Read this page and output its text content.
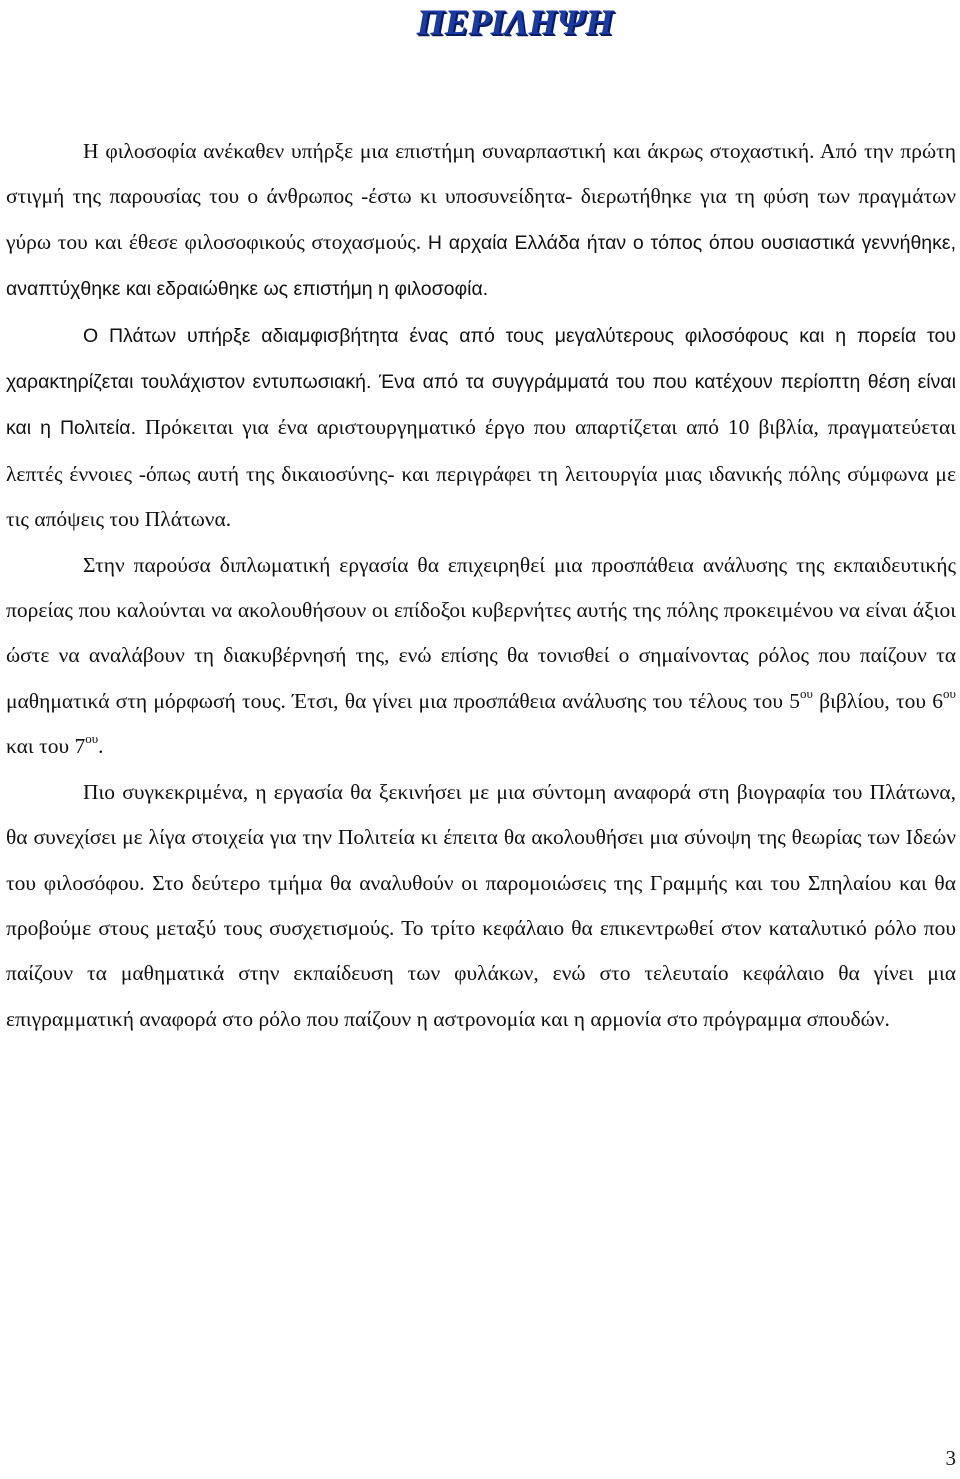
ΠΕΡΙΛΗΨΗ

Η φιλοσοφία ανέκαθεν υπήρξε μια επιστήμη συναρπαστική και άκρως στοχαστική. Από την πρώτη στιγμή της παρουσίας του ο άνθρωπος -έστω κι υποσυνείδητα- διερωτήθηκε για τη φύση των πραγμάτων γύρω του και έθεσε φιλοσοφικούς στοχασμούς. Η αρχαία Ελλάδα ήταν ο τόπος όπου ουσιαστικά γεννήθηκε, αναπτύχθηκε και εδραιώθηκε ως επιστήμη η φιλοσοφία.

Ο Πλάτων υπήρξε αδιαμφισβήτητα ένας από τους μεγαλύτερους φιλοσόφους και η πορεία του χαρακτηρίζεται τουλάχιστον εντυπωσιακή. Ένα από τα συγγράμματά του που κατέχουν περίοπτη θέση είναι και η Πολιτεία. Πρόκειται για ένα αριστουργηματικό έργο που απαρτίζεται από 10 βιβλία, πραγματεύεται λεπτές έννοιες -όπως αυτή της δικαιοσύνης- και περιγράφει τη λειτουργία μιας ιδανικής πόλης σύμφωνα με τις απόψεις του Πλάτωνα.

Στην παρούσα διπλωματική εργασία θα επιχειρηθεί μια προσπάθεια ανάλυσης της εκπαιδευτικής πορείας που καλούνται να ακολουθήσουν οι επίδοξοι κυβερνήτες αυτής της πόλης προκειμένου να είναι άξιοι ώστε να αναλάβουν τη διακυβέρνησή της, ενώ επίσης θα τονισθεί ο σημαίνοντας ρόλος που παίζουν τα μαθηματικά στη μόρφωσή τους. Έτσι, θα γίνει μια προσπάθεια ανάλυσης του τέλους του $5^{o\upsilon}$ βιβλίου, του $6^{o\upsilon}$ και του $7^{o\upsilon}$.

Πιο συγκεκριμένα, η εργασία θα ξεκινήσει με μια σύντομη αναφορά στη βιογραφία του Πλάτωνα, θα συνεχίσει με λίγα στοιχεία για την Πολιτεία κι έπειτα θα ακολουθήσει μια σύνοψη της θεωρίας των Ιδεών του φιλοσόφου. Στο δεύτερο τμήμα θα αναλυθούν οι παρομοιώσεις της Γραμμής και του Σπηλαίου και θα προβούμε στους μεταξύ τους συσχετισμούς. Το τρίτο κεφάλαιο θα επικεντρωθεί στον καταλυτικό ρόλο που παίζουν τα μαθηματικά στην εκπαίδευση των φυλάκων, ενώ στο τελευταίο κεφάλαιο θα γίνει μια επιγραμματική αναφορά στο ρόλο που παίζουν η αστρονομία και η αρμονία στο πρόγραμμα σπουδών.

3
